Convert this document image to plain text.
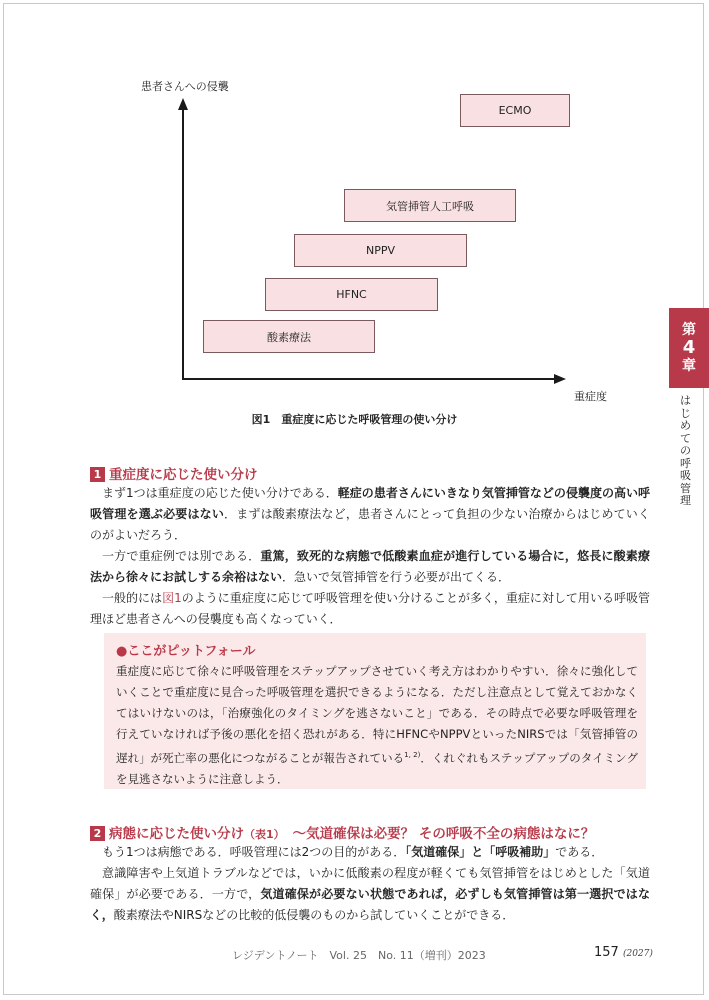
患者さんへの侵襲
重症度
ECMO
気管挿管人工呼吸
NPPV
HFNC
酸素療法
図1　重症度に応じた呼吸管理の使い分け
第
4
章
はじめての呼吸管理
1 重症度に応じた使い分け
まず1つは重症度の応じた使い分けである．軽症の患者さんにいきなり気管挿管などの侵襲度の高い呼吸管理を選ぶ必要はない．まずは酸素療法など，患者さんにとって負担の少ない治療からはじめていくのがよいだろう．
一方で重症例では別である．重篤，致死的な病態で低酸素血症が進行している場合に，悠長に酸素療法から徐々にお試しする余裕はない．急いで気管挿管を行う必要が出てくる．
一般的には図1のように重症度に応じて呼吸管理を使い分けることが多く，重症に対して用いる呼吸管理ほど患者さんへの侵襲度も高くなっていく．
●ここがピットフォール
重症度に応じて徐々に呼吸管理をステップアップさせていく考え方はわかりやすい．徐々に強化していくことで重症度に見合った呼吸管理を選択できるようになる．ただし注意点として覚えておかなくてはいけないのは，「治療強化のタイミングを逃さないこと」である．その時点で必要な呼吸管理を行えていなければ予後の悪化を招く恐れがある．特にHFNCやNPPVといったNIRSでは「気管挿管の遅れ」が死亡率の悪化につながることが報告されている$^{1, 2)}$．くれぐれもステップアップのタイミングを見逃さないように注意しよう．
2 病態に応じた使い分け（表1）　～気道確保は必要？ その呼吸不全の病態はなに？
もう1つは病態である．呼吸管理には2つの目的がある．「気道確保」と「呼吸補助」である．
意識障害や上気道トラブルなどでは，いかに低酸素の程度が軽くても気管挿管をはじめとした「気道確保」が必要である．一方で，気道確保が必要ない状態であれば，必ずしも気管挿管は第一選択ではなく，酸素療法やNIRSなどの比較的低侵襲のものから試していくことができる．
レジデントノート　Vol. 25　No. 11（増刊）2023	157 (2027)
